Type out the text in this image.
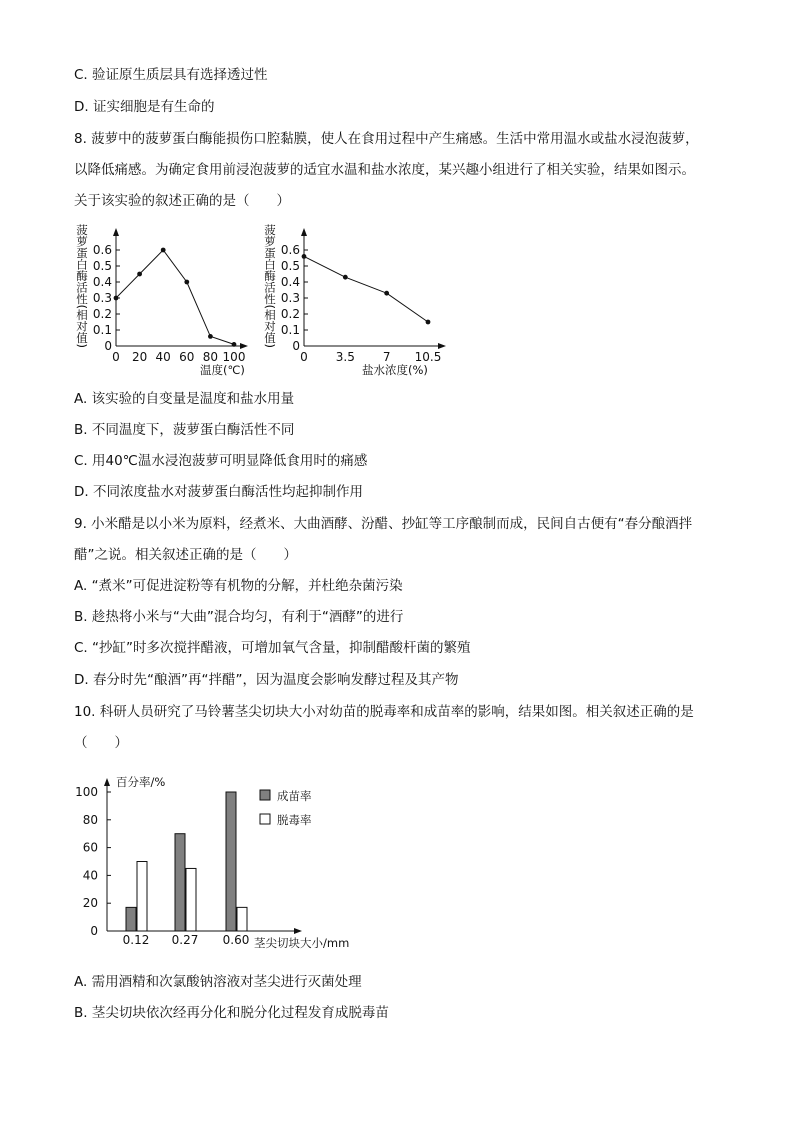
C. 验证原生质层具有选择透过性
D. 证实细胞是有生命的
8. 菠萝中的菠萝蛋白酶能损伤口腔黏膜，使人在食用过程中产生痛感。生活中常用温水或盐水浸泡菠萝，
以降低痛感。为确定食用前浸泡菠萝的适宜水温和盐水浓度，某兴趣小组进行了相关实验，结果如图示。
关于该实验的叙述正确的是（　　）
菠萝蛋白酶活性(相对值) 0
0.1
0.2
0.3
0.4
0.5
0.6
0 20 40 60 80 100
温度(℃)
菠萝蛋白酶活性(相对值) 0
0.1
0.2
0.3
0.4
0.5
0.6
0 3.5 7 10.5
盐水浓度(%)
A. 该实验的自变量是温度和盐水用量
B. 不同温度下，菠萝蛋白酶活性不同
C. 用40℃温水浸泡菠萝可明显降低食用时的痛感
D. 不同浓度盐水对菠萝蛋白酶活性均起抑制作用
9. 小米醋是以小米为原料，经煮米、大曲酒酵、汾醋、抄缸等工序酿制而成，民间自古便有“春分酿酒拌
醋”之说。相关叙述正确的是（　　）
A. “煮米”可促进淀粉等有机物的分解，并杜绝杂菌污染
B. 趁热将小米与“大曲”混合均匀，有利于“酒酵”的进行
C. “抄缸”时多次搅拌醋液，可增加氧气含量，抑制醋酸杆菌的繁殖
D. 春分时先“酿酒”再“拌醋”，因为温度会影响发酵过程及其产物
10. 科研人员研究了马铃薯茎尖切块大小对幼苗的脱毒率和成苗率的影响，结果如图。相关叙述正确的是
（　　）
百分率/%
0
20
40
60
80
100
0.12 0.27 0.60 茎尖切块大小/mm
成苗率
脱毒率
A. 需用酒精和次氯酸钠溶液对茎尖进行灭菌处理
B. 茎尖切块依次经再分化和脱分化过程发育成脱毒苗
